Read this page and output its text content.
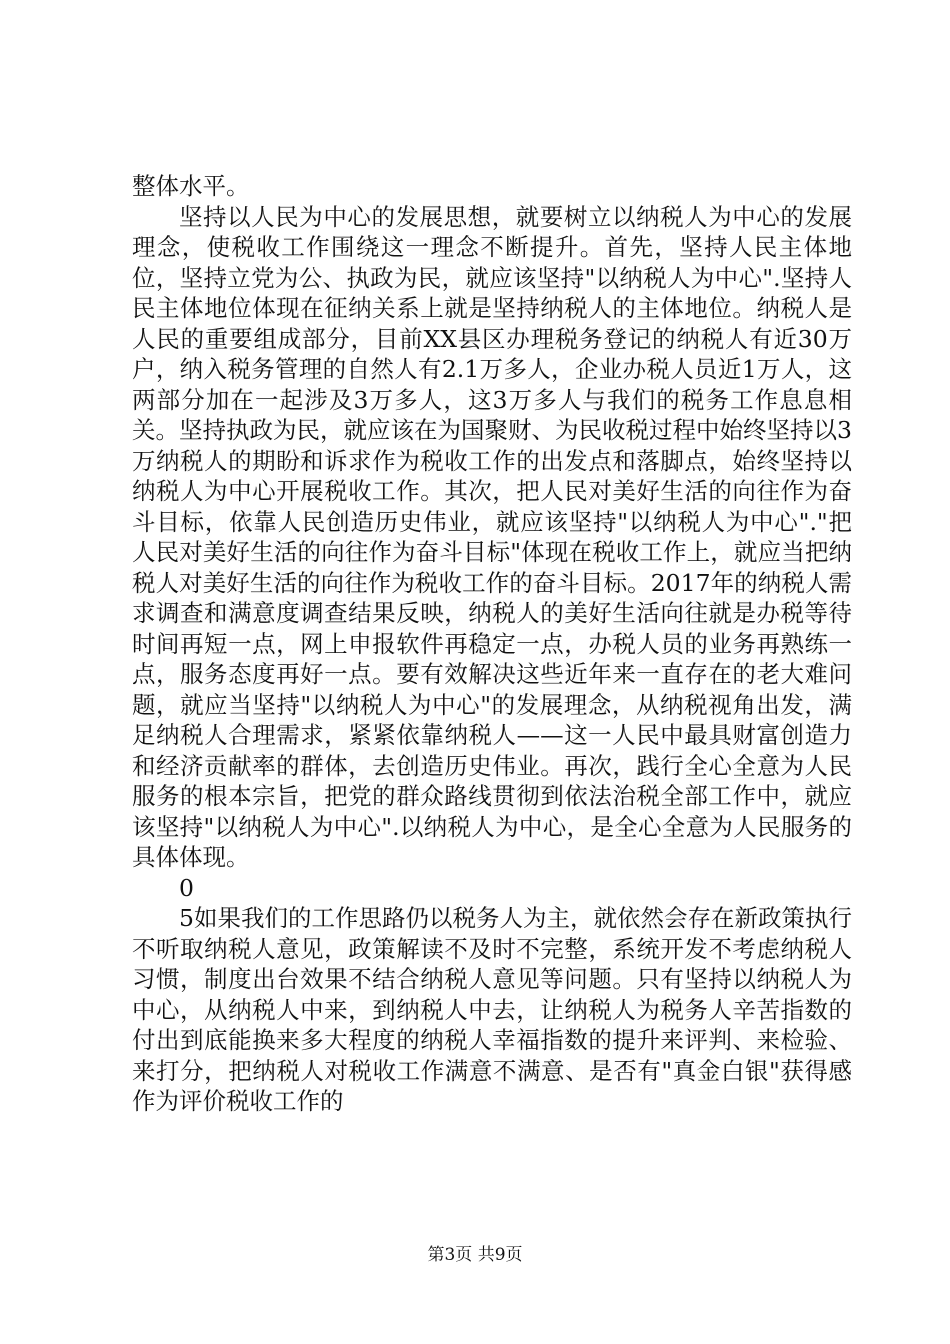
整体水平。

坚持以人民为中心的发展思想，就要树立以纳税人为中心的发展理念，使税收工作围绕这一理念不断提升。首先，坚持人民主体地位，坚持立党为公、执政为民，就应该坚持"以纳税人为中心".坚持人民主体地位体现在征纳关系上就是坚持纳税人的主体地位。纳税人是人民的重要组成部分，目前XX县区办理税务登记的纳税人有近30万户，纳入税务管理的自然人有2.1万多人，企业办税人员近1万人，这两部分加在一起涉及3万多人，这3万多人与我们的税务工作息息相关。坚持执政为民，就应该在为国聚财、为民收税过程中始终坚持以3万纳税人的期盼和诉求作为税收工作的出发点和落脚点，始终坚持以纳税人为中心开展税收工作。其次，把人民对美好生活的向往作为奋斗目标，依靠人民创造历史伟业，就应该坚持"以纳税人为中心"."把人民对美好生活的向往作为奋斗目标"体现在税收工作上，就应当把纳税人对美好生活的向往作为税收工作的奋斗目标。2017年的纳税人需求调查和满意度调查结果反映，纳税人的美好生活向往就是办税等待时间再短一点，网上申报软件再稳定一点，办税人员的业务再熟练一点，服务态度再好一点。要有效解决这些近年来一直存在的老大难问题，就应当坚持"以纳税人为中心"的发展理念，从纳税视角出发，满足纳税人合理需求，紧紧依靠纳税人——这一人民中最具财富创造力和经济贡献率的群体，去创造历史伟业。再次，践行全心全意为人民服务的根本宗旨，把党的群众路线贯彻到依法治税全部工作中，就应该坚持"以纳税人为中心".以纳税人为中心，是全心全意为人民服务的具体体现。

0

5如果我们的工作思路仍以税务人为主，就依然会存在新政策执行不听取纳税人意见，政策解读不及时不完整，系统开发不考虑纳税人习惯，制度出台效果不结合纳税人意见等问题。只有坚持以纳税人为中心，从纳税人中来，到纳税人中去，让纳税人为税务人辛苦指数的付出到底能换来多大程度的纳税人幸福指数的提升来评判、来检验、来打分，把纳税人对税收工作满意不满意、是否有"真金白银"获得感作为评价税收工作的

第3页 共9页
